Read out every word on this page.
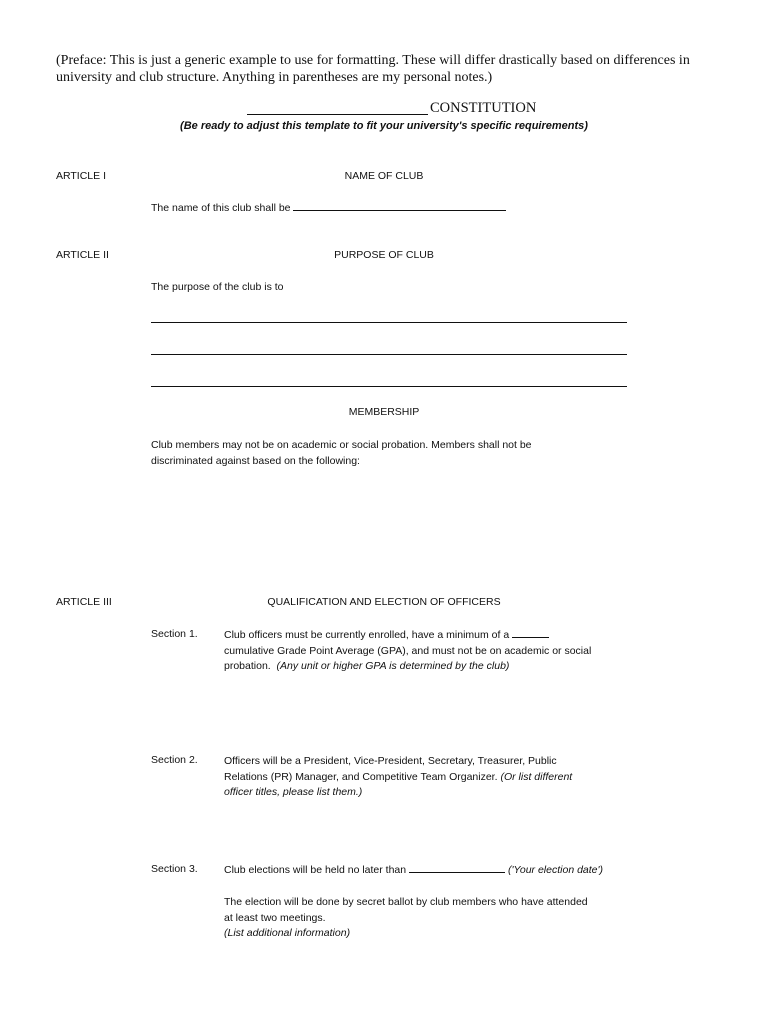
(Preface: This is just a generic example to use for formatting. These will differ drastically based on differences in university and club structure. Anything in parentheses are my personal notes.)
CONSTITUTION
(Be ready to adjust this template to fit your university's specific requirements)
ARTICLE I	NAME OF CLUB
The name of this club shall be
ARTICLE II	PURPOSE OF CLUB
The purpose of the club is to
MEMBERSHIP
Club members may not be on academic or social probation. Members shall not be
discriminated against based on the following:
ARTICLE III	QUALIFICATION AND ELECTION OF OFFICERS
Section 1.	Club officers must be currently enrolled, have a minimum of a
cumulative Grade Point Average (GPA), and must not be on academic or social
probation. (Any unit or higher GPA is determined by the club)
Section 2.	Officers will be a President, Vice-President, Secretary, Treasurer, Public
Relations (PR) Manager, and Competitive Team Organizer. (Or list different
officer titles, please list them.)
Section 3.	Club elections will be held no later than	('Your election date')
The election will be done by secret ballot by club members who have attended
at least two meetings.
(List additional information)
